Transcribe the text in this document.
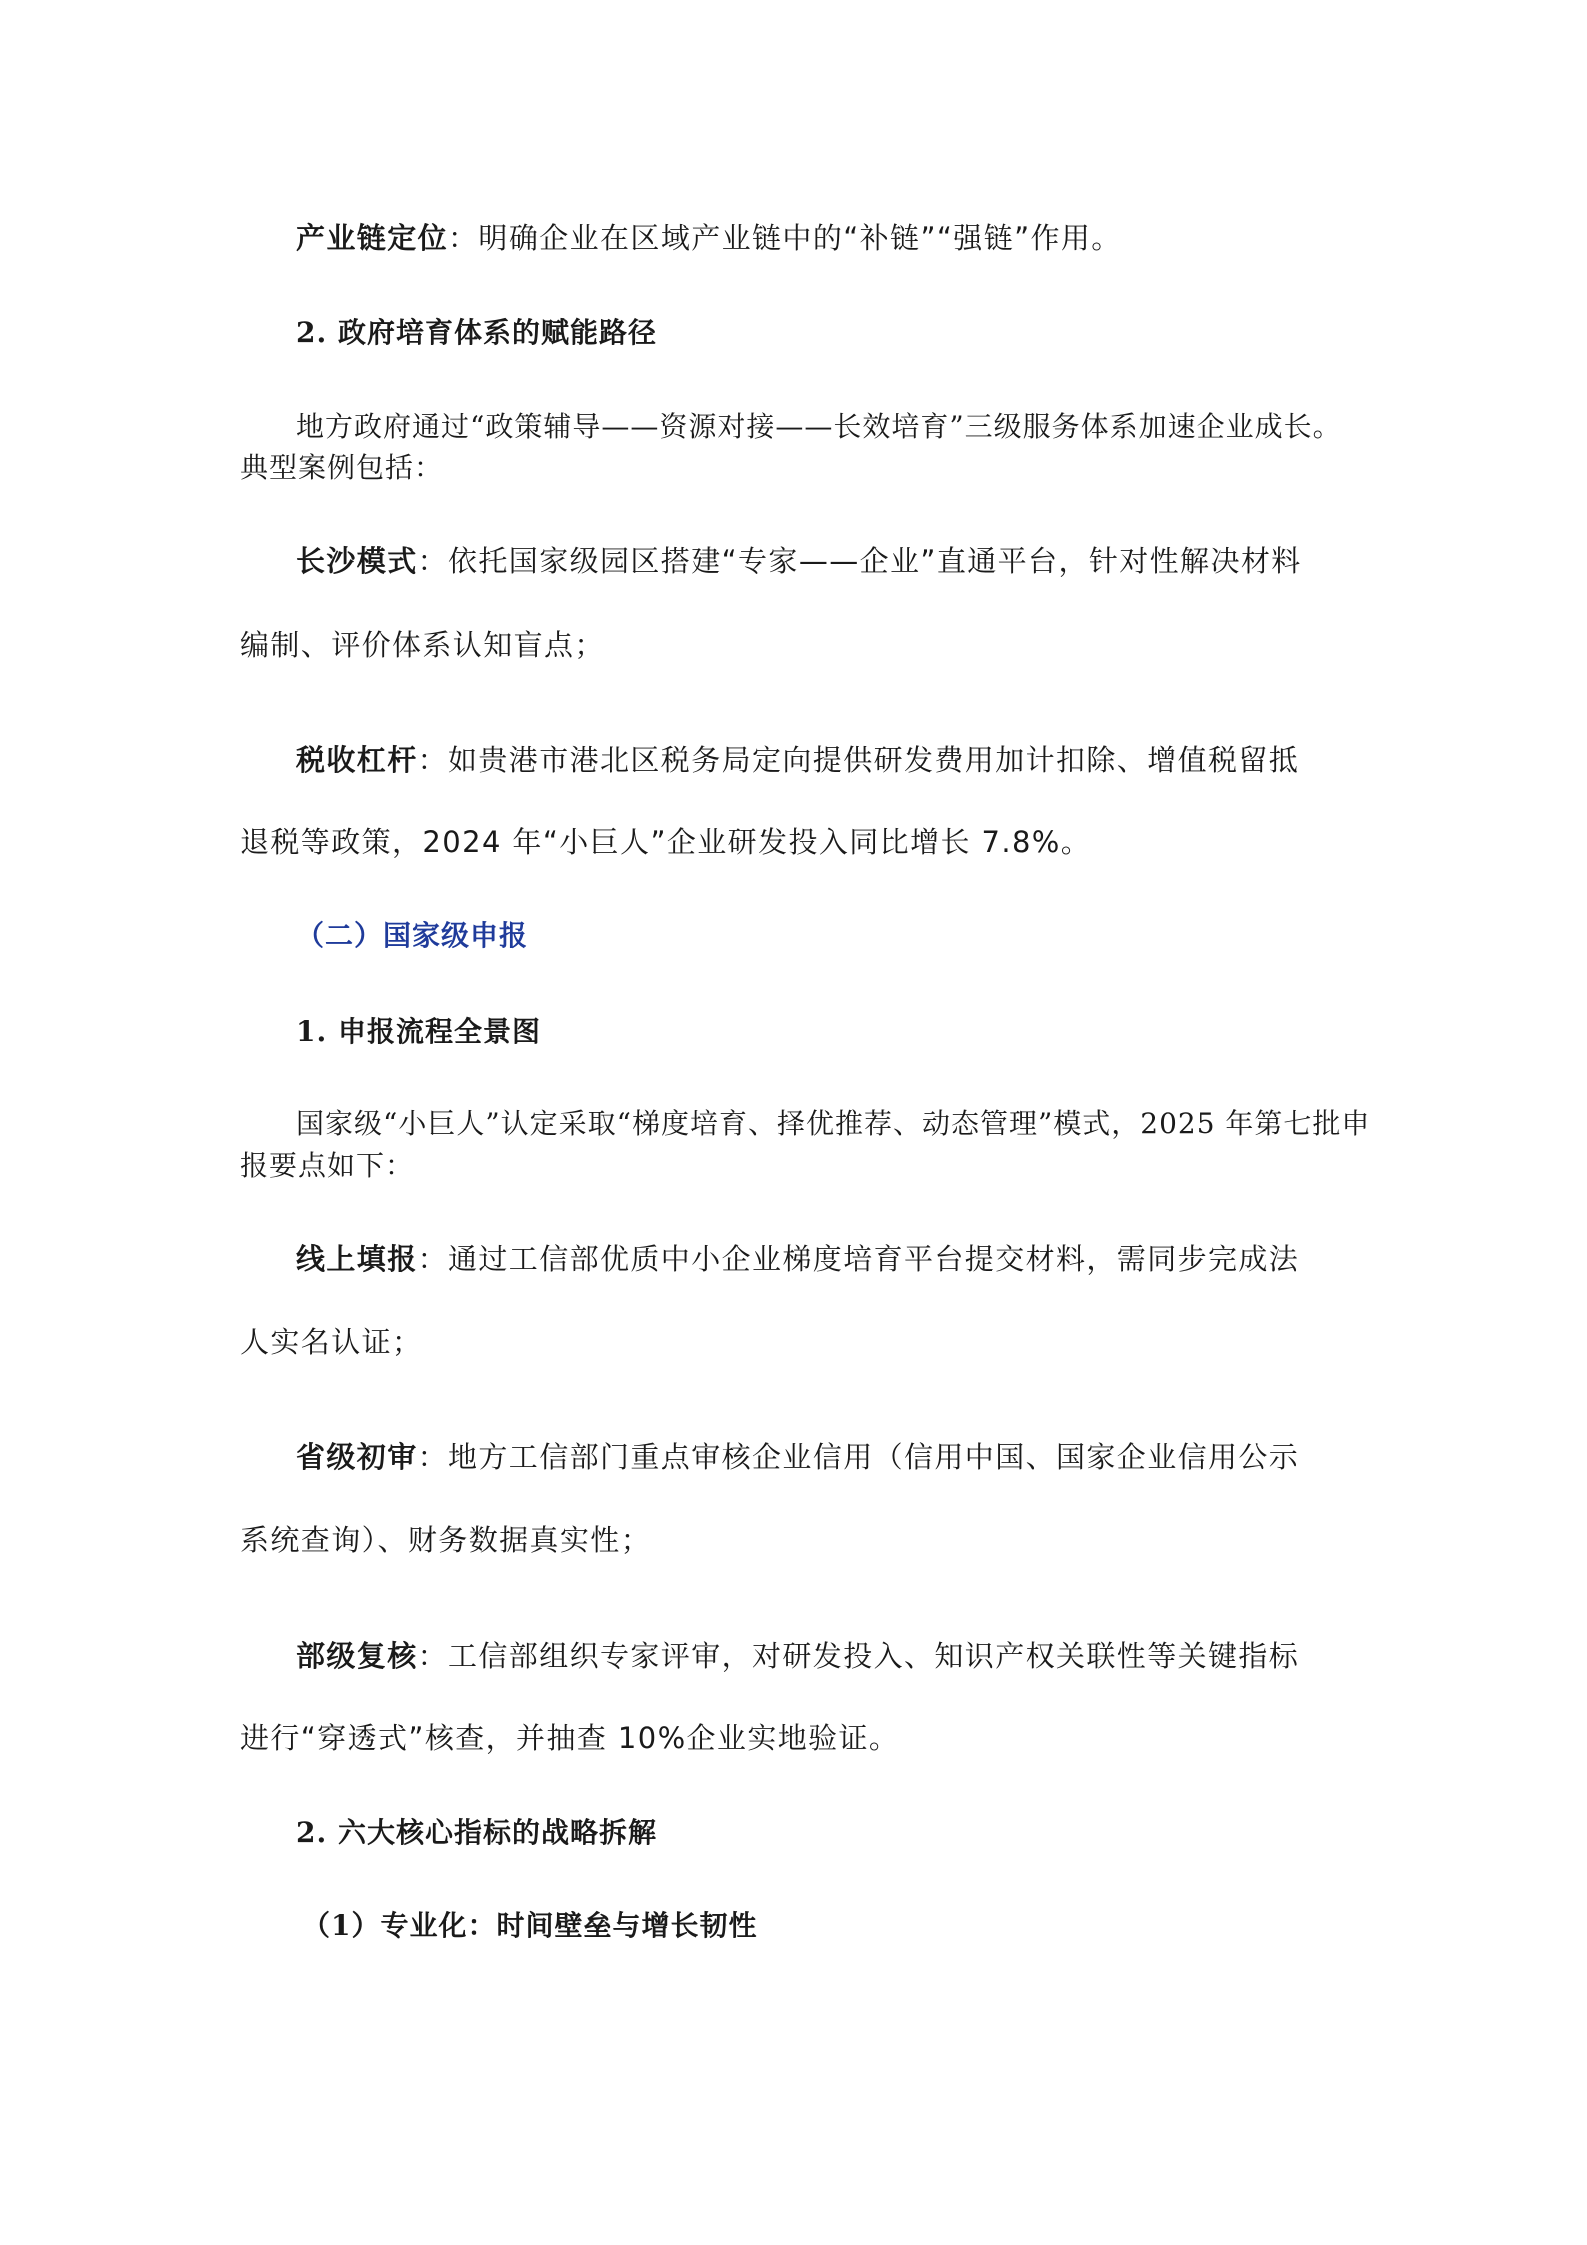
产业链定位：明确企业在区域产业链中的“补链”“强链”作用。
2. 政府培育体系的赋能路径
地方政府通过“政策辅导——资源对接——长效培育”三级服务体系加速企业成长。
典型案例包括：
长沙模式：依托国家级园区搭建“专家——企业”直通平台，针对性解决材料
编制、评价体系认知盲点；
税收杠杆：如贵港市港北区税务局定向提供研发费用加计扣除、增值税留抵
退税等政策，2024 年“小巨人”企业研发投入同比增长 7.8%。
（二）国家级申报
1. 申报流程全景图
国家级“小巨人”认定采取“梯度培育、择优推荐、动态管理”模式，2025 年第七批申
报要点如下：
线上填报：通过工信部优质中小企业梯度培育平台提交材料，需同步完成法
人实名认证；
省级初审：地方工信部门重点审核企业信用（信用中国、国家企业信用公示
系统查询）、财务数据真实性；
部级复核：工信部组织专家评审，对研发投入、知识产权关联性等关键指标
进行“穿透式”核查，并抽查 10%企业实地验证。
2. 六大核心指标的战略拆解
（1）专业化：时间壁垒与增长韧性
